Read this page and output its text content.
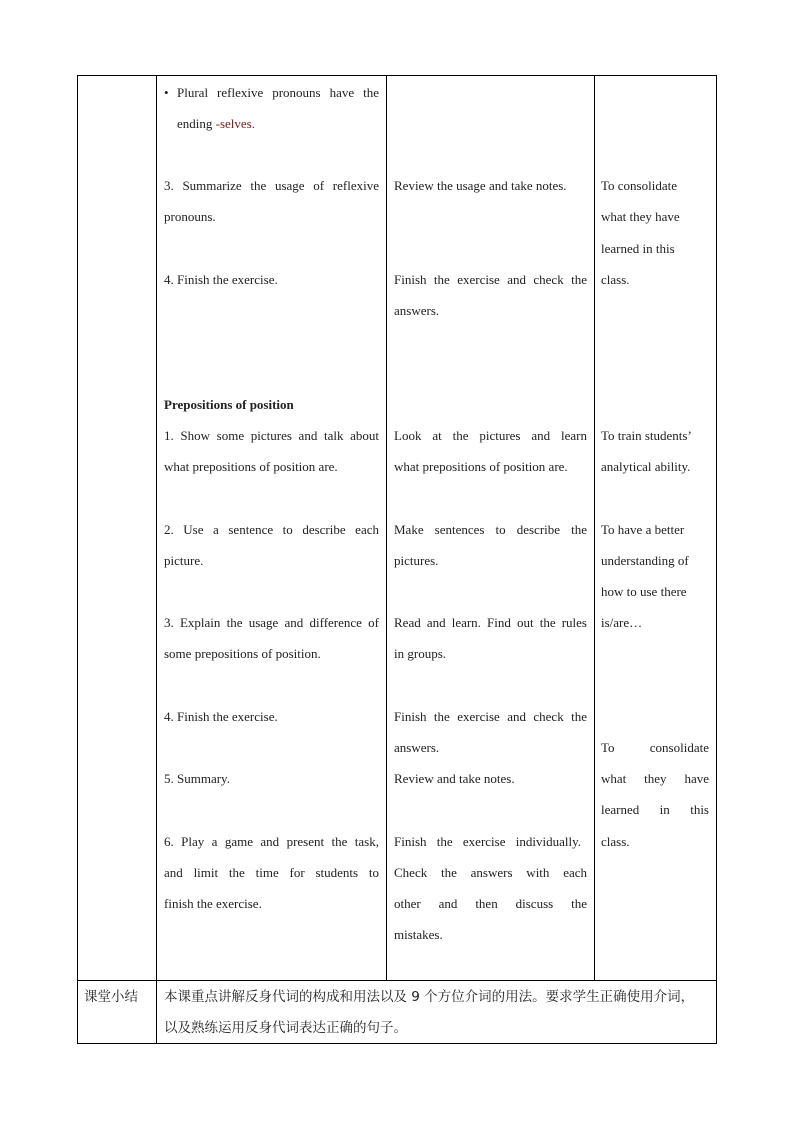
• Plural reflexive pronouns have the
ending -selves.
3. Summarize the usage of reflexive
pronouns.
4. Finish the exercise.
Prepositions of position
1. Show some pictures and talk about
what prepositions of position are.
2. Use a sentence to describe each
picture.
3. Explain the usage and difference of
some prepositions of position.
4. Finish the exercise.
5. Summary.
6. Play a game and present the task,
and limit the time for students to
finish the exercise.
Review the usage and take notes.
Finish the exercise and check the
answers.
Look at the pictures and learn
what prepositions of position are.
Make sentences to describe the
pictures.
Read and learn. Find out the rules
in groups.
Finish the exercise and check the
answers.
Review and take notes.
Finish the exercise individually.
Check the answers with each
other and then discuss the
mistakes.
To consolidate
what they have
learned in this
class.
To train students’
analytical ability.
To have a better
understanding of
how to use there
is/are…
To consolidate
what they have
learned in this
class.
课堂小结 本课重点讲解反身代词的构成和用法以及 9 个方位介词的用法。要求学生正确使用介词，
以及熟练运用反身代词表达正确的句子。
